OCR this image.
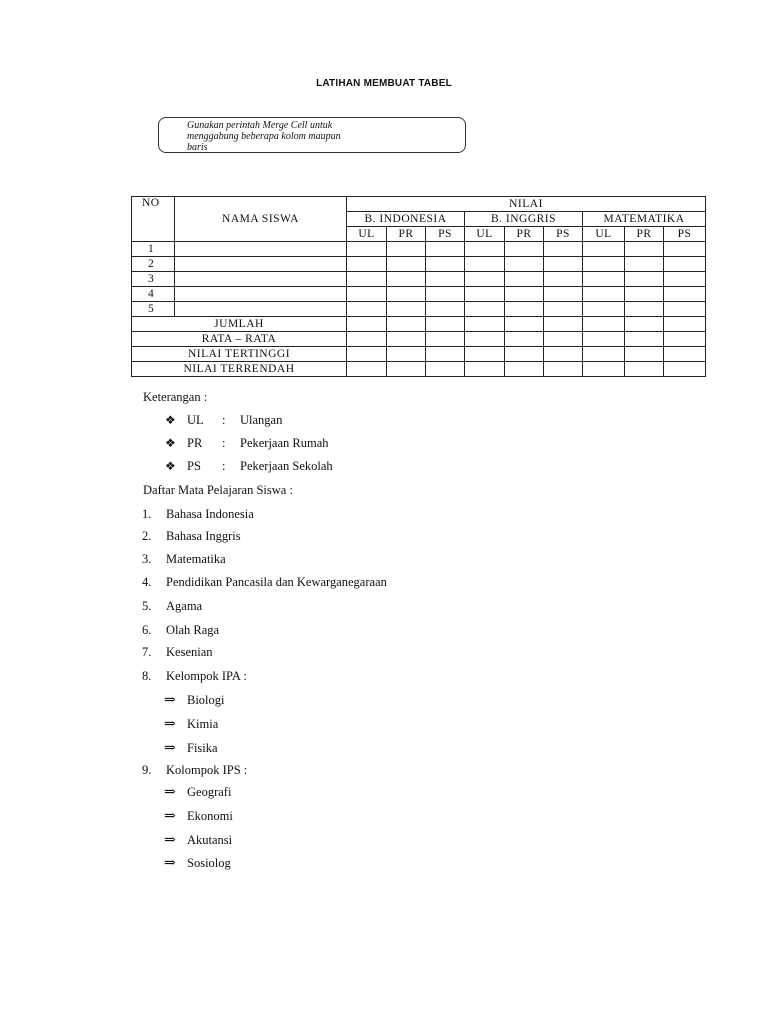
LATIHAN MEMBUAT TABEL
Gunakan perintah Merge Cell untuk
menggabung beberapa kolom maupun
baris
NO	NAMA SISWA	NILAI								
		B. INDONESIA			B. INGGRIS			MATEMATIKA		
		UL	PR	PS	UL	PR	PS	UL	PR	PS
1										
2										
3										
4										
5										
JUMLAH										
RATA – RATA										
NILAI TERTINGGI										
NILAI TERRENDAH										
Keterangan :
❖ UL : Ulangan
❖ PR : Pekerjaan Rumah
❖ PS : Pekerjaan Sekolah
Daftar Mata Pelajaran Siswa :
1. Bahasa Indonesia
2. Bahasa Inggris
3. Matematika
4. Pendidikan Pancasila dan Kewarganegaraan
5. Agama
6. Olah Raga
7. Kesenian
8. Kelompok IPA :
⇒ Biologi
⇒ Kimia
⇒ Fisika
9. Kolompok IPS :
⇒ Geografi
⇒ Ekonomi
⇒ Akutansi
⇒ Sosiolog
